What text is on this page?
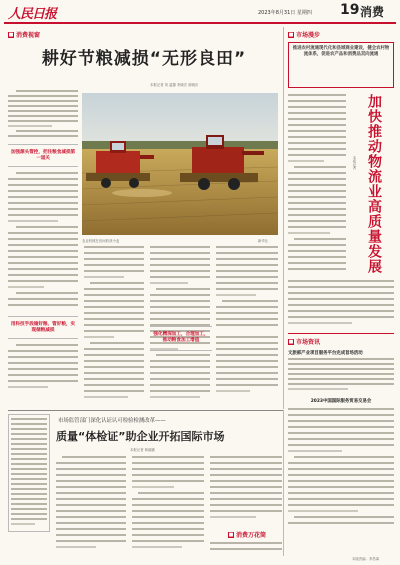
人民日报	2023年8月31日 星期四 19 消费
■ 消费视窗
耕好节粮减损“无形良田”
本报记者 刘 温馨 李晓宏 薛晓庆
农业机械在田间收获小麦	新华社
加强源头管控，把住粮食减损第一道关
用科技手段储好粮、管好粮，实现储粮减损
强化精深加工，合理加工，推动粮食加工增值
■ 市场漫步
推进农村流通现代化和县域商业建设，健全农村物流体系，促进农产品和消费品双向流通
加快推动物流业高质量发展
本报记者
■ 市场资讯
文旅部产业项目服务平台完成首场活动
2023中国国际服务贸易交易会
市场监管部门深化认证认可检验检测改革——
质量“体检证”助企业开拓国际市场
本报记者 林丽鹂
■ 消费万花筒
本版责编：李昌禹
